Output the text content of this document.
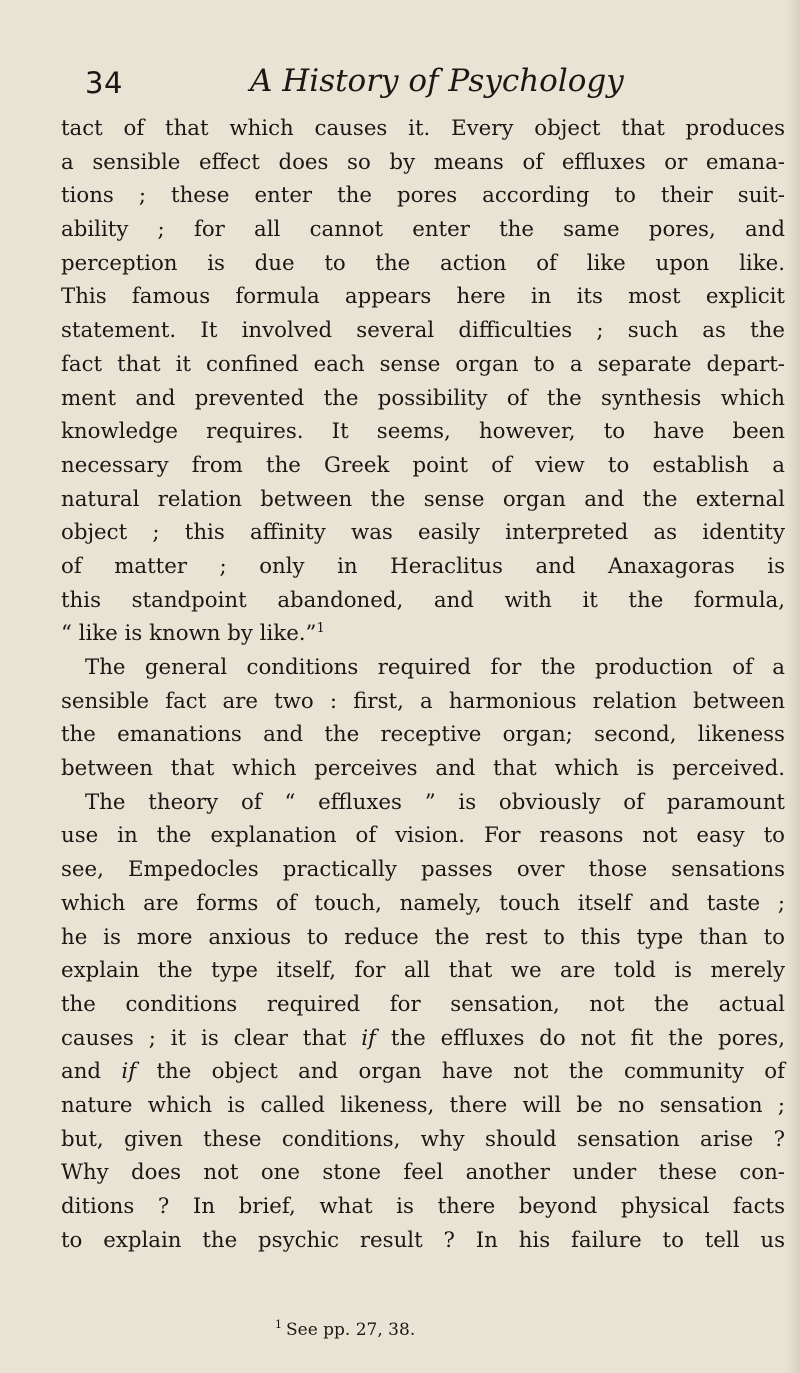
34	A History of Psychology
tact of that which causes it. Every object that produces
a sensible effect does so by means of effluxes or emana-
tions ; these enter the pores according to their suit-
ability ; for all cannot enter the same pores, and
perception is due to the action of like upon like.
This famous formula appears here in its most explicit
statement. It involved several difficulties ; such as the
fact that it confined each sense organ to a separate depart-
ment and prevented the possibility of the synthesis which
knowledge requires. It seems, however, to have been
necessary from the Greek point of view to establish a
natural relation between the sense organ and the external
object ; this affinity was easily interpreted as identity
of matter ; only in Heraclitus and Anaxagoras is
this standpoint abandoned, and with it the formula,
“ like is known by like.”$^1$
The general conditions required for the production of a
sensible fact are two : first, a harmonious relation between
the emanations and the receptive organ; second, likeness
between that which perceives and that which is perceived.
The theory of “ effluxes ” is obviously of paramount
use in the explanation of vision. For reasons not easy to
see, Empedocles practically passes over those sensations
which are forms of touch, namely, touch itself and taste ;
he is more anxious to reduce the rest to this type than to
explain the type itself, for all that we are told is merely
the conditions required for sensation, not the actual
causes ; it is clear that if the effluxes do not fit the pores,
and if the object and organ have not the community of
nature which is called likeness, there will be no sensation ;
but, given these conditions, why should sensation arise ?
Why does not one stone feel another under these con-
ditions ? In brief, what is there beyond physical facts
to explain the psychic result ? In his failure to tell us
$^1$ See pp. 27, 38.
